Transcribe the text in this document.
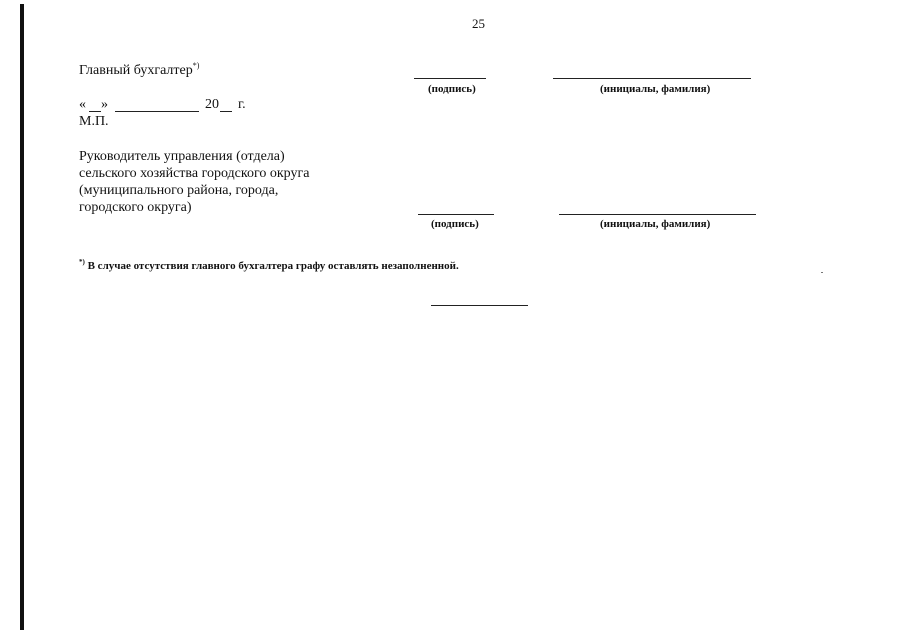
25
Главный бухгалтер*)
(подпись)	(инициалы, фамилия)
« »	20 г.
М.П.
Руководитель управления (отдела)
сельского хозяйства городского округа
(муниципального района, города,
городского округа)
(подпись)	(инициалы, фамилия)
*) В случае отсутствия главного бухгалтера графу оставлять незаполненной.
